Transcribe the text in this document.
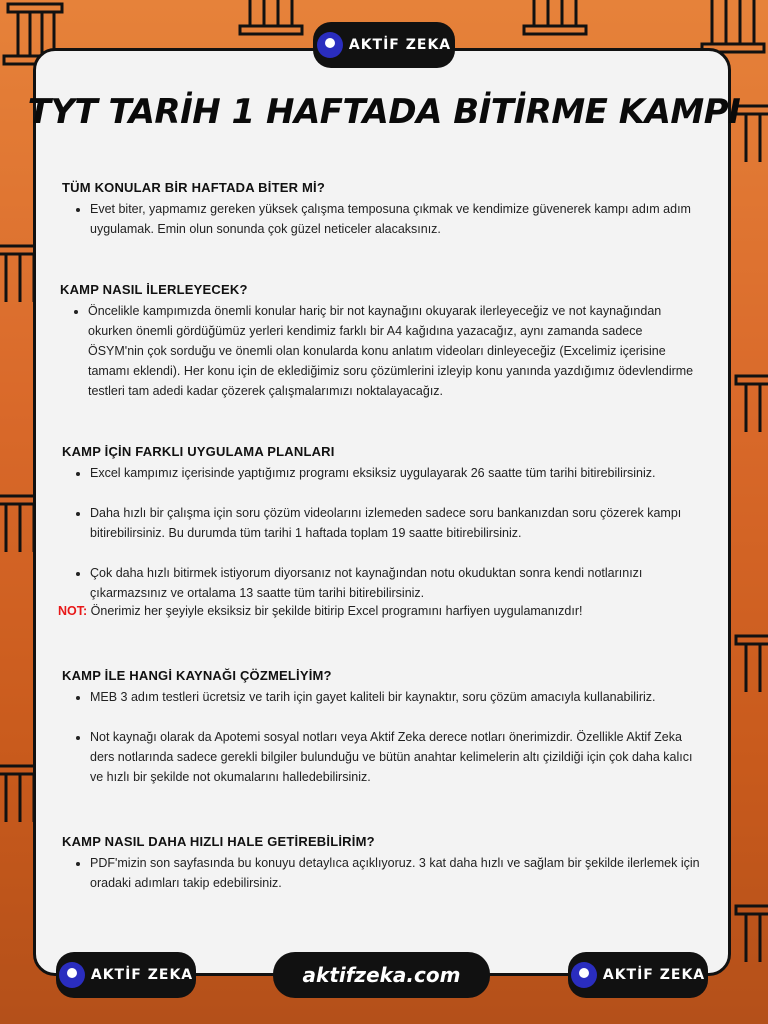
AKTİF ZEKA
TYT TARİH 1 HAFTADA BİTİRME KAMPI
TÜM KONULAR BİR HAFTADA BİTER Mİ?
• Evet biter, yapmamız gereken yüksek çalışma temposuna çıkmak ve kendimize güvenerek kampı adım adım uygulamak. Emin olun sonunda çok güzel neticeler alacaksınız.
KAMP NASIL İLERLEYECEK?
• Öncelikle kampımızda önemli konular hariç bir not kaynağını okuyarak ilerleyeceğiz ve not kaynağından okurken önemli gördüğümüz yerleri kendimiz farklı bir A4 kağıdına yazacağız, aynı zamanda sadece ÖSYM'nin çok sorduğu ve önemli olan konularda konu anlatım videoları dinleyeceğiz (Excelimiz içerisine tamamı eklendi). Her konu için de eklediğimiz soru çözümlerini izleyip konu yanında yazdığımız ödevlendirme testleri tam adedi kadar çözerek çalışmalarımızı noktalayacağız.
KAMP İÇİN FARKLI UYGULAMA PLANLARI
• Excel kampımız içerisinde yaptığımız programı eksiksiz uygulayarak 26 saatte tüm tarihi bitirebilirsiniz.
• Daha hızlı bir çalışma için soru çözüm videolarını izlemeden sadece soru bankanızdan soru çözerek kampı bitirebilirsiniz. Bu durumda tüm tarihi 1 haftada toplam 19 saatte bitirebilirsiniz.
• Çok daha hızlı bitirmek istiyorum diyorsanız not kaynağından notu okuduktan sonra kendi notlarınızı çıkarmazsınız ve ortalama 13 saatte tüm tarihi bitirebilirsiniz.
NOT: Önerimiz her şeyiyle eksiksiz bir şekilde bitirip Excel programını harfiyen uygulamanızdır!
KAMP İLE HANGİ KAYNAĞI ÇÖZMELİYİM?
• MEB 3 adım testleri ücretsiz ve tarih için gayet kaliteli bir kaynaktır, soru çözüm amacıyla kullanabiliriz.
• Not kaynağı olarak da Apotemi sosyal notları veya Aktif Zeka derece notları önerimizdir. Özellikle Aktif Zeka ders notlarında sadece gerekli bilgiler bulunduğu ve bütün anahtar kelimelerin altı çizildiği için çok daha kalıcı ve hızlı bir şekilde not okumalarını halledebilirsiniz.
KAMP NASIL DAHA HIZLI HALE GETİREBİLİRİM?
• PDF'mizin son sayfasında bu konuyu detaylıca açıklıyoruz. 3 kat daha hızlı ve sağlam bir şekilde ilerlemek için oradaki adımları takip edebilirsiniz.
AKTİF ZEKA	aktifzeka.com	AKTİF ZEKA
